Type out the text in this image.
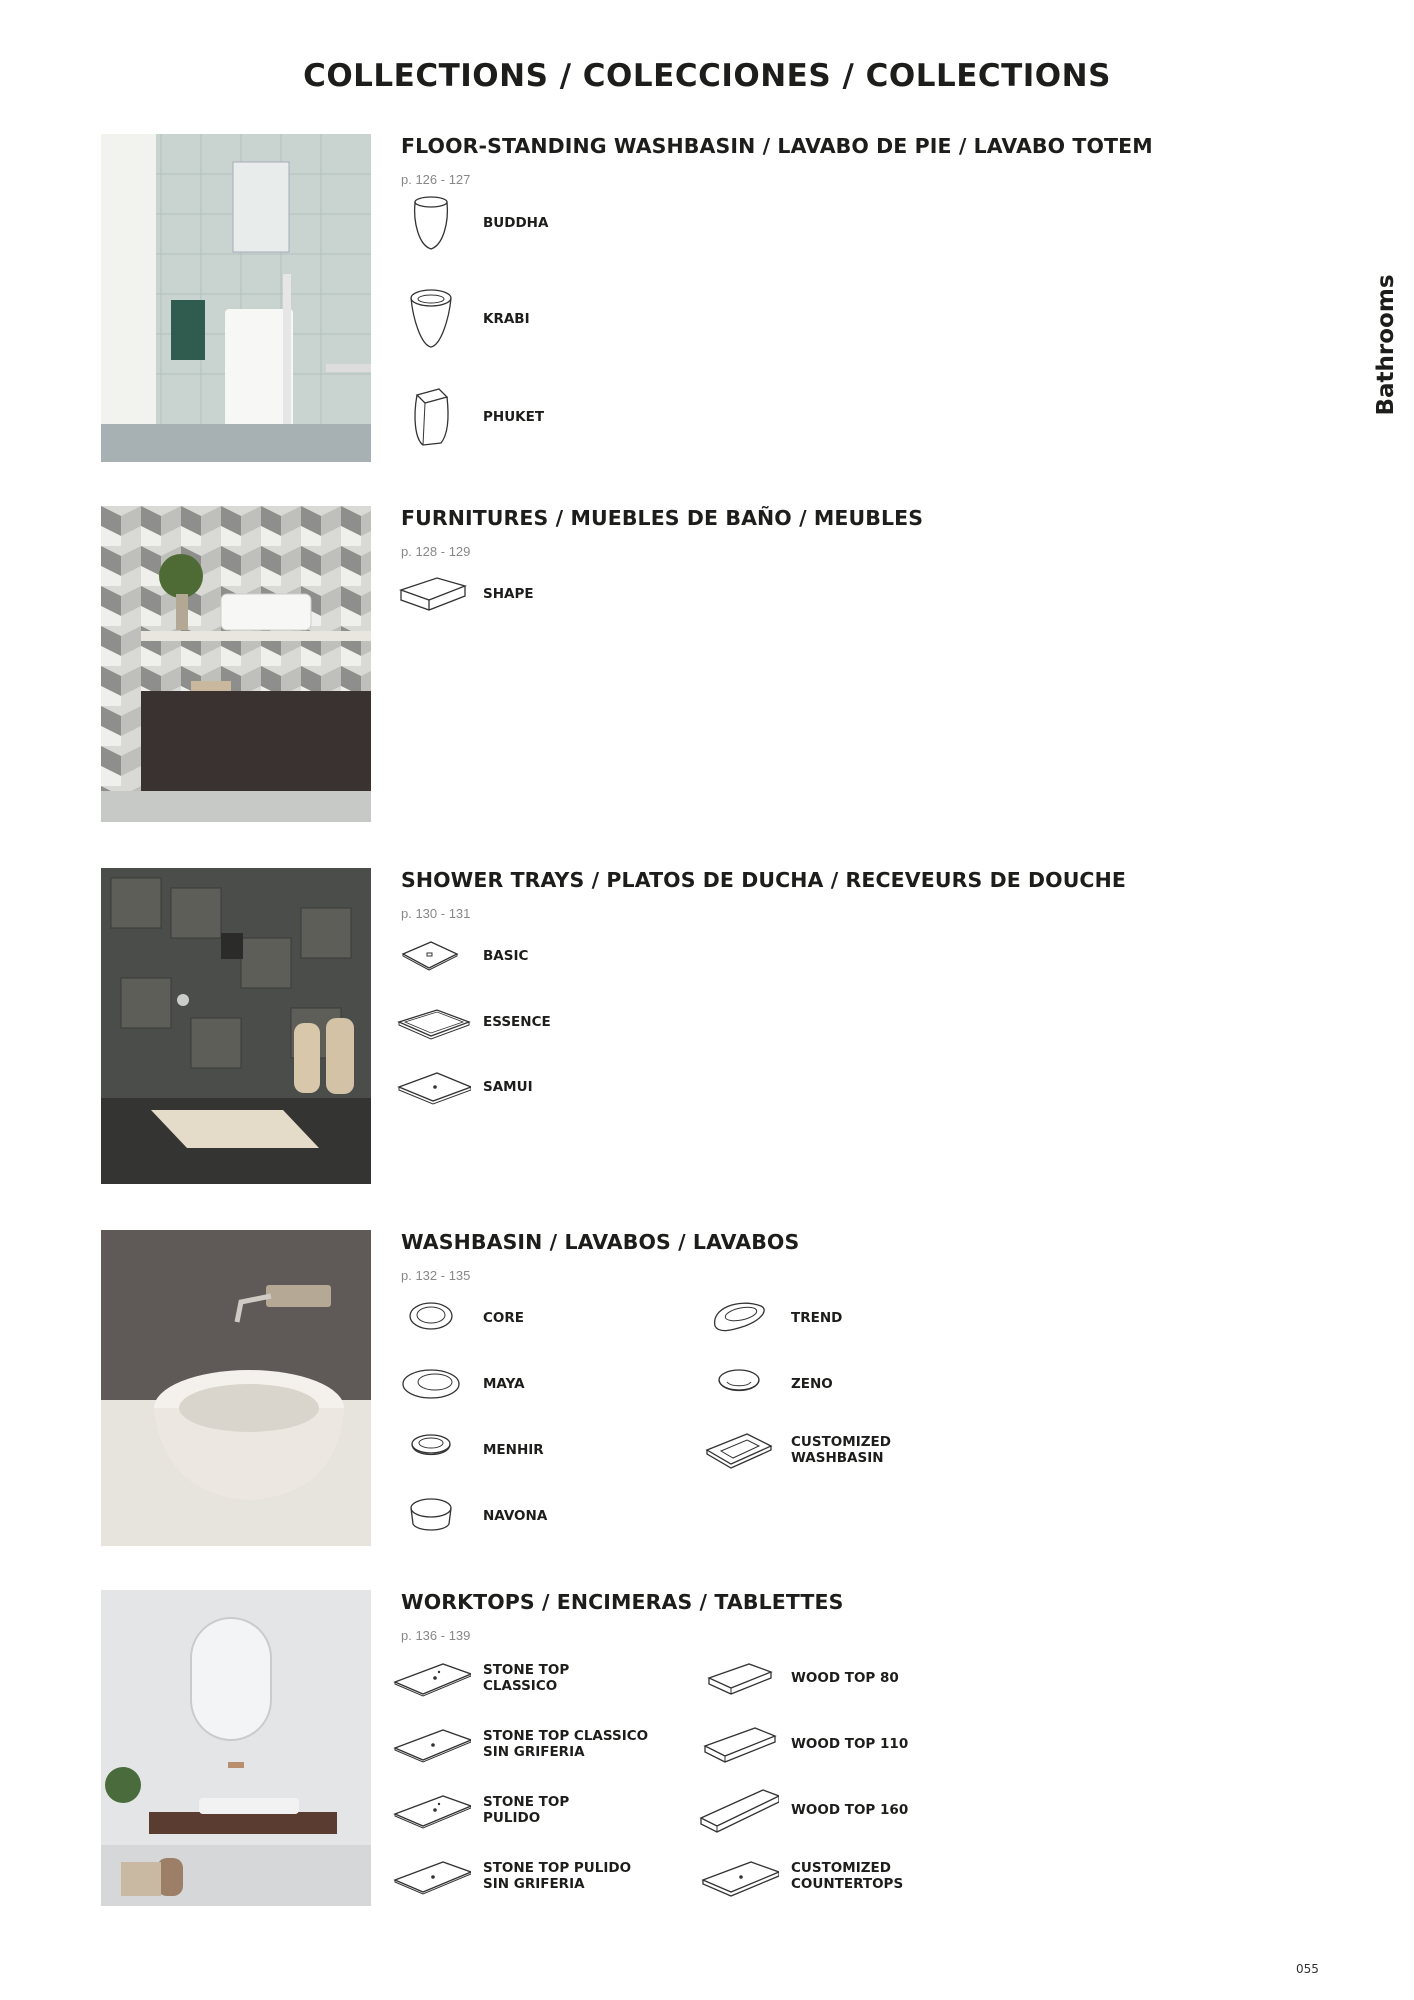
COLLECTIONS / COLECCIONES / COLLECTIONS
Bathrooms
FLOOR-STANDING WASHBASIN / LAVABO DE PIE / LAVABO TOTEM
p. 126 - 127
BUDDHA
KRABI
PHUKET
FURNITURES / MUEBLES DE BAÑO / MEUBLES
p. 128 - 129
SHAPE
SHOWER TRAYS / PLATOS DE DUCHA / RECEVEURS DE DOUCHE
p. 130 - 131
BASIC
ESSENCE
SAMUI
WASHBASIN / LAVABOS / LAVABOS
p. 132 - 135
CORE
MAYA
MENHIR
NAVONA
TREND
ZENO
CUSTOMIZED
WASHBASIN
WORKTOPS / ENCIMERAS / TABLETTES
p. 136 - 139
STONE TOP
CLASSICO
STONE TOP CLASSICO
SIN GRIFERIA
STONE TOP
PULIDO
STONE TOP PULIDO
SIN GRIFERIA
WOOD TOP 80
WOOD TOP 110
WOOD TOP 160
CUSTOMIZED
COUNTERTOPS
055
